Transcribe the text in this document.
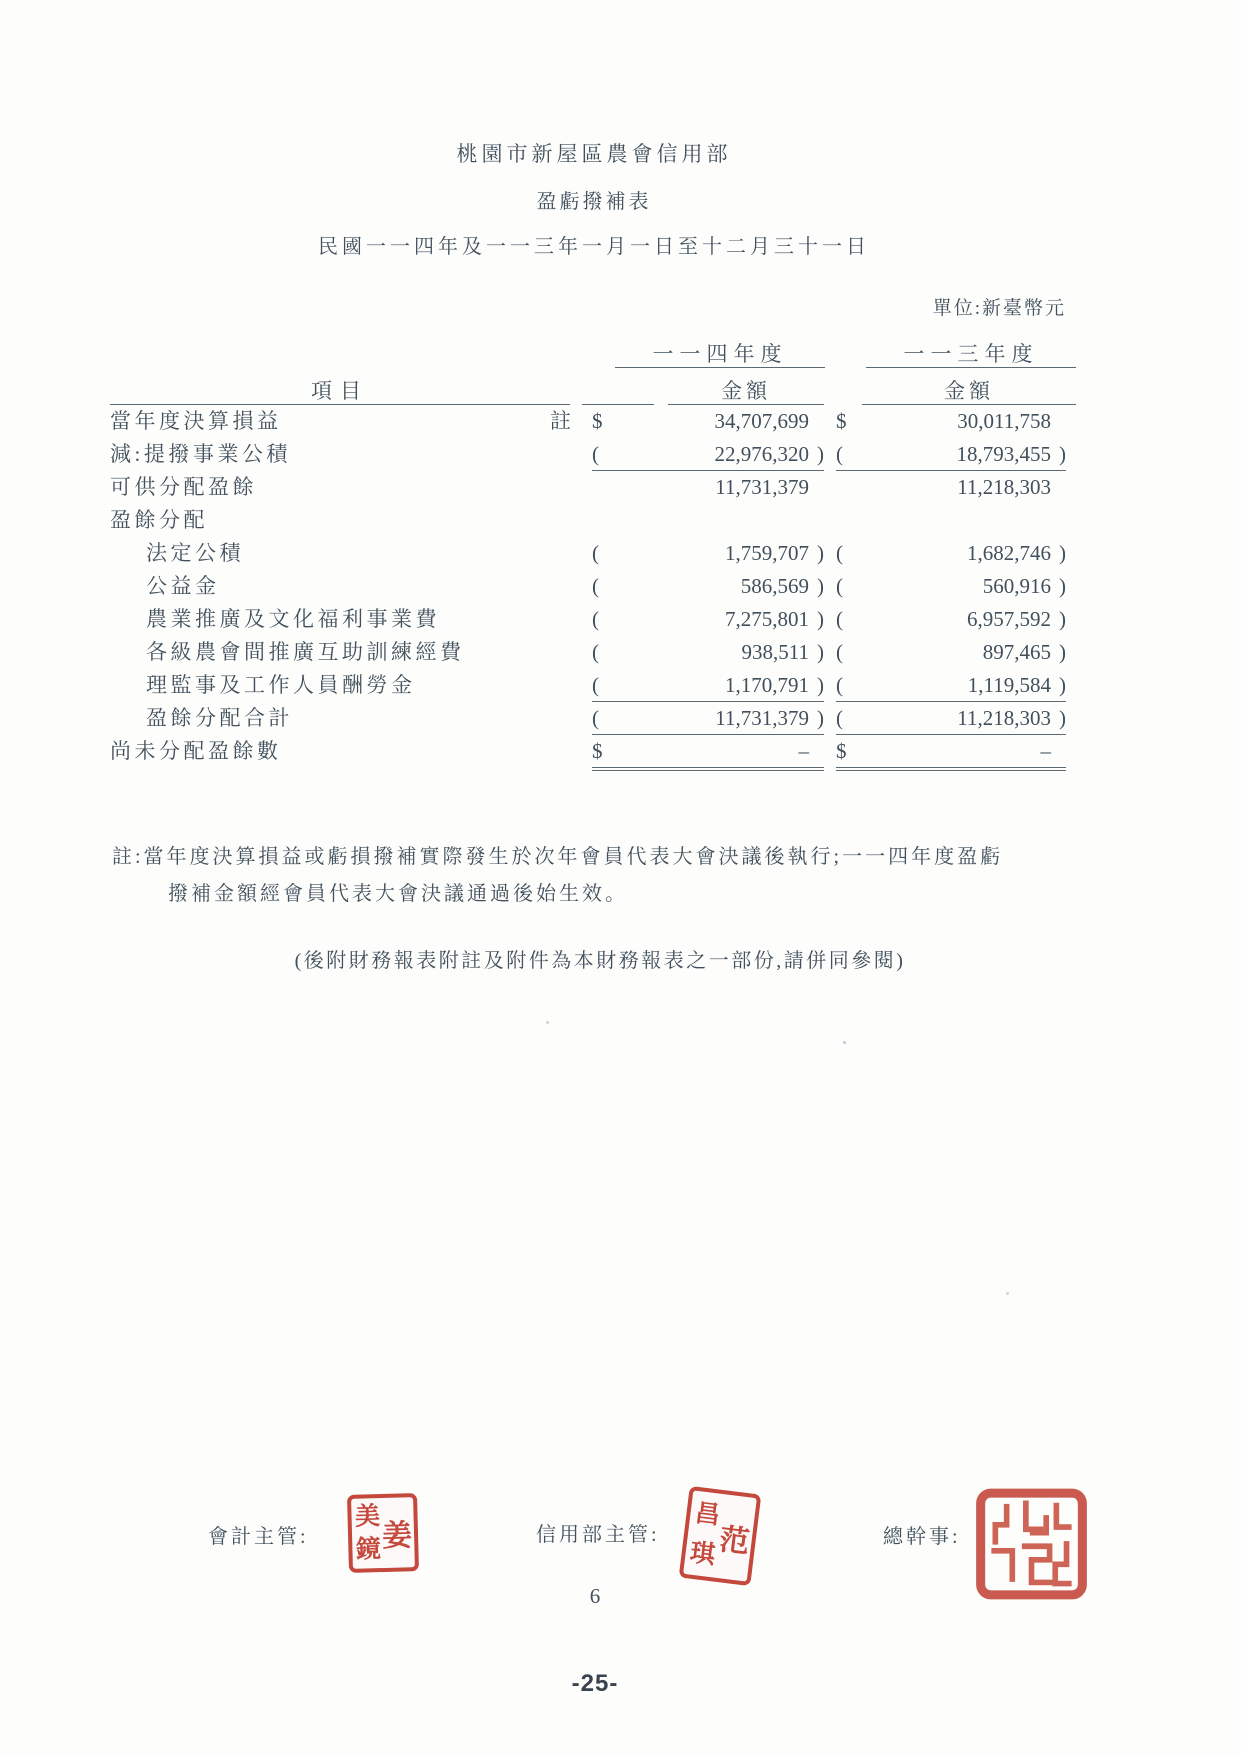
桃園市新屋區農會信用部
盈虧撥補表
民國一一四年及一一三年一月一日至十二月三十一日
單位:新臺幣元
一一四年度	一一三年度
項目	金額	金額
當年度決算損益	註 $	34,707,699 $	30,011,758
減:提撥事業公積	(	22,976,320 ) (	18,793,455 )
可供分配盈餘	11,731,379	11,218,303
盈餘分配
法定公積	(	1,759,707 ) (	1,682,746 )
公益金	(	586,569 ) (	560,916 )
農業推廣及文化福利事業費	(	7,275,801 ) (	6,957,592 )
各級農會間推廣互助訓練經費	(	938,511 ) (	897,465 )
理監事及工作人員酬勞金	(	1,170,791 ) (	1,119,584 )
盈餘分配合計	(	11,731,379 ) (	11,218,303 )
尚未分配盈餘數	$	– $	–
註:當年度決算損益或虧損撥補實際發生於次年會員代表大會決議後執行;一一四年度盈虧
撥補金額經會員代表大會決議通過後始生效。
(後附財務報表附註及附件為本財務報表之一部份,請併同參閱)
會計主管:
美
鏡 姜	信用部主管:
昌
琪 范	總幹事:
6
-25-
